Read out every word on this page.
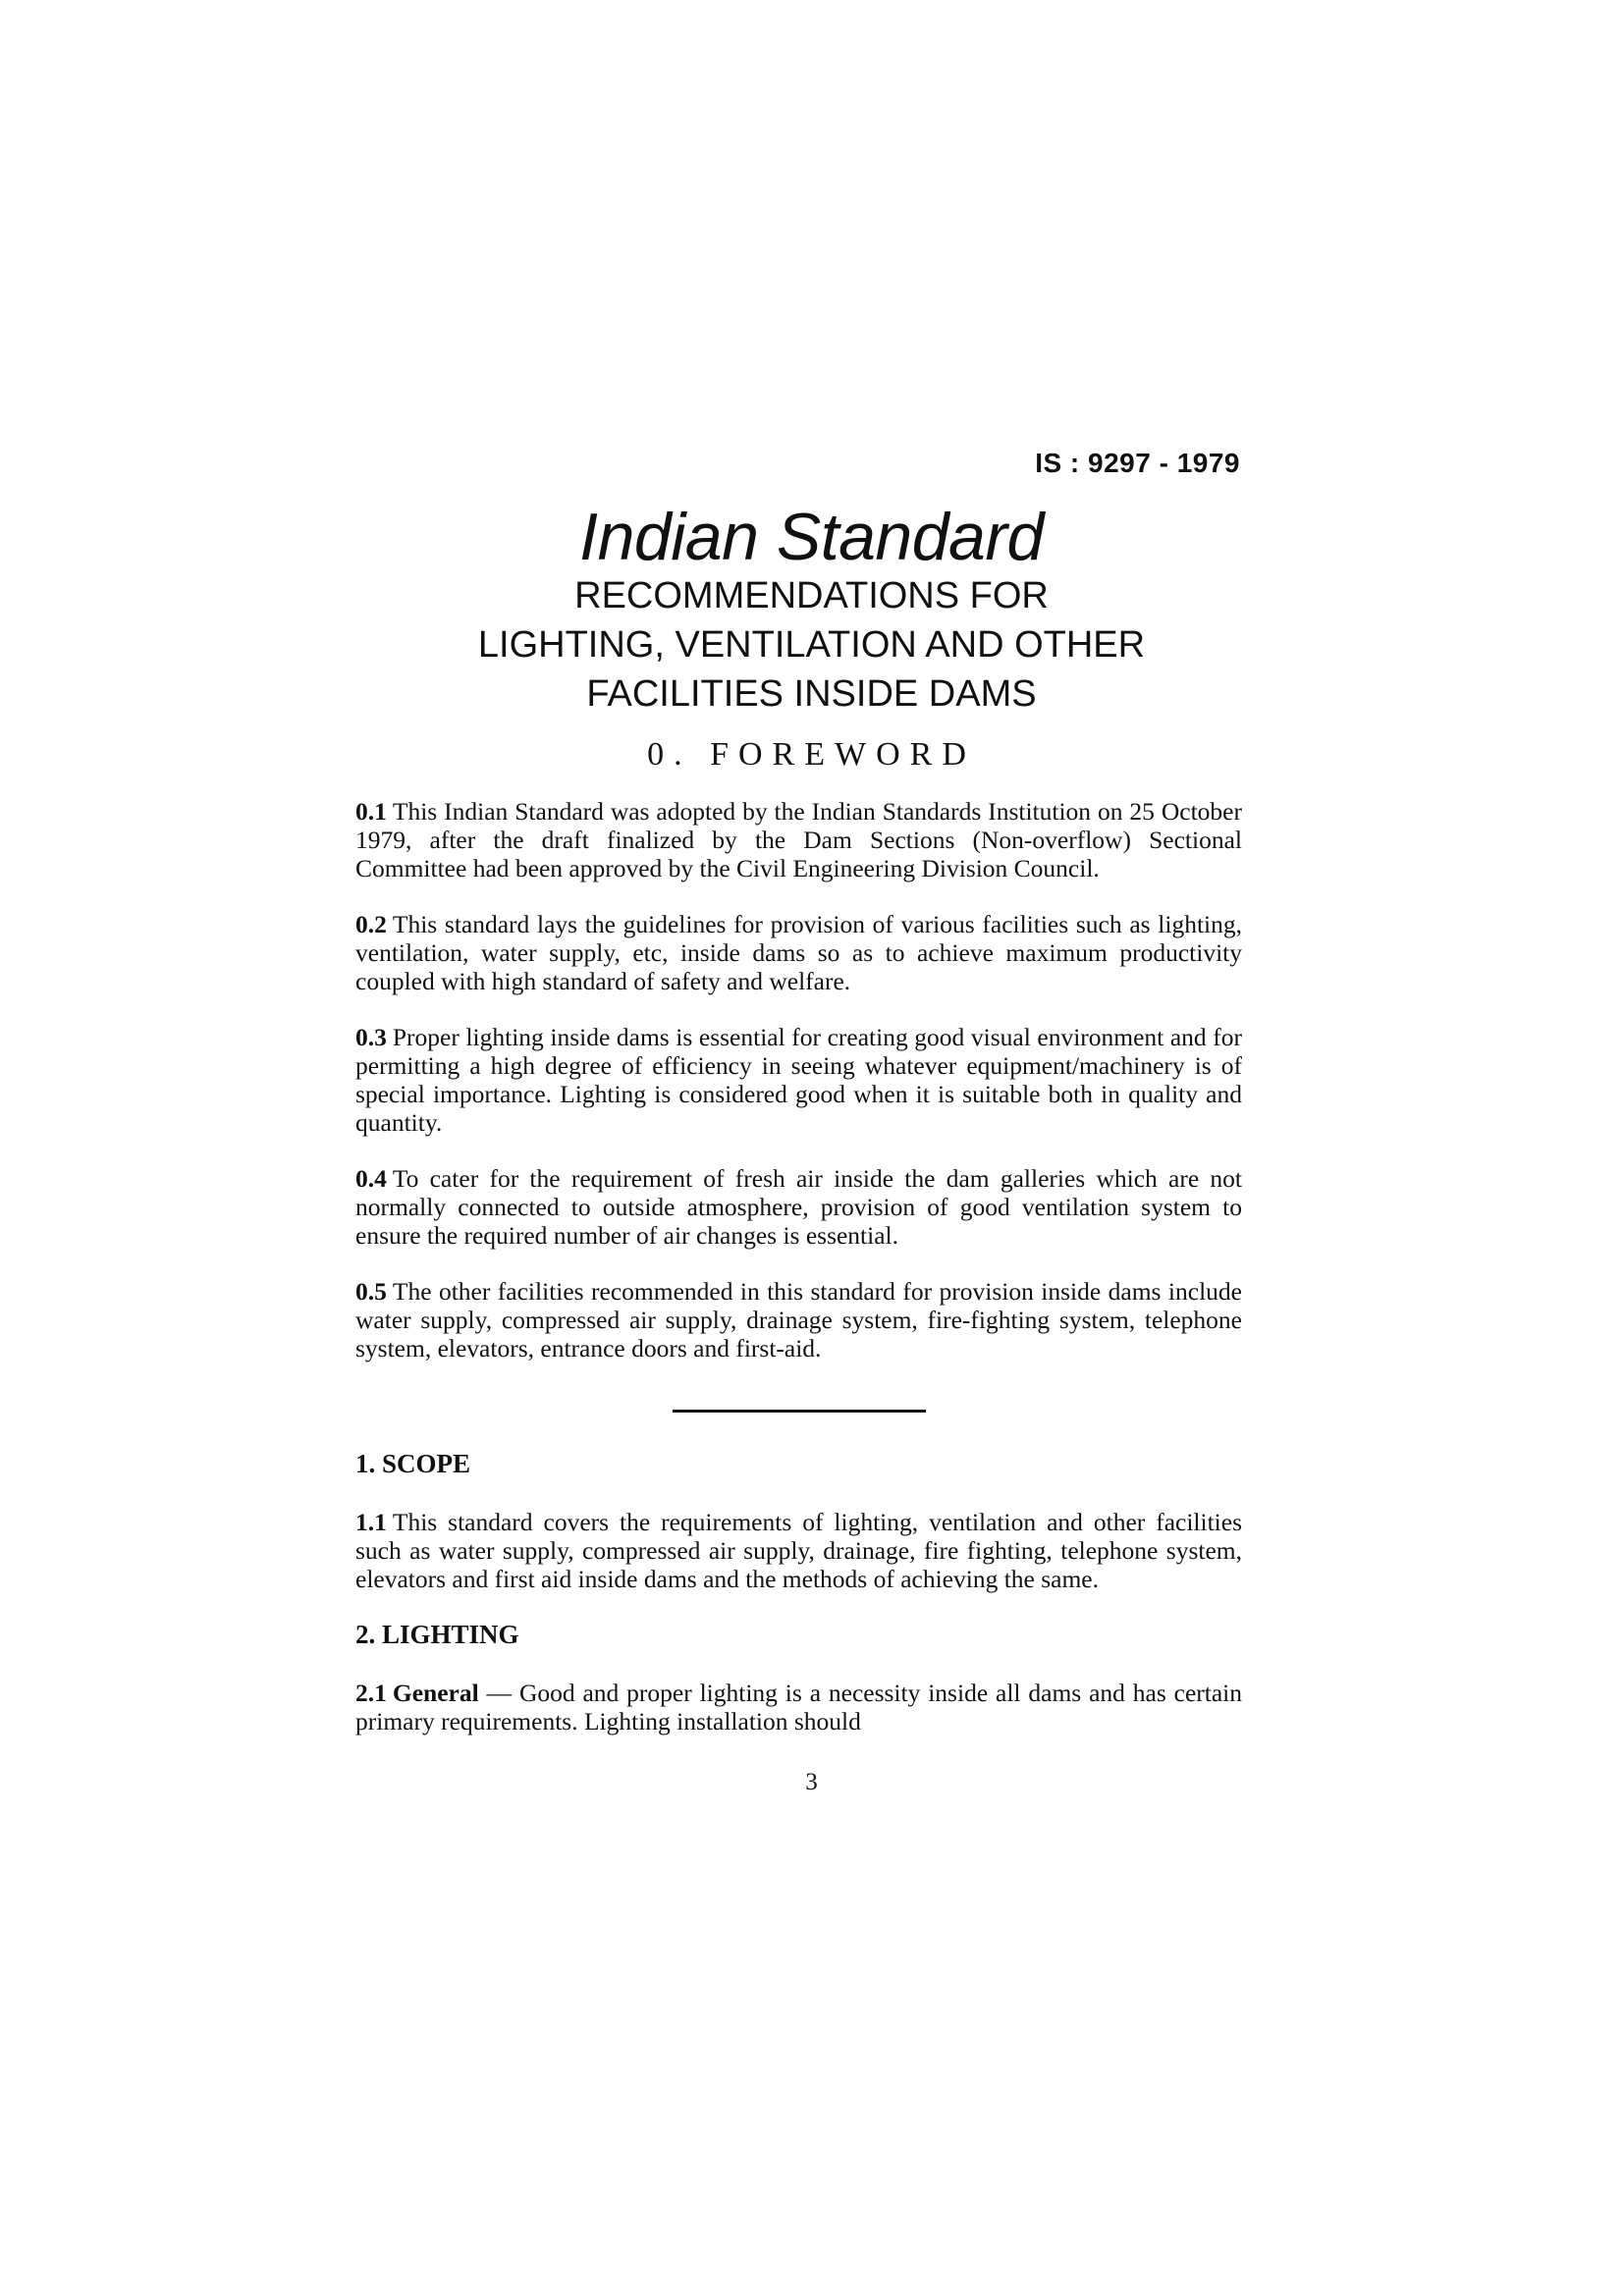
IS : 9297 - 1979
Indian Standard
RECOMMENDATIONS FOR
LIGHTING, VENTILATION AND OTHER
FACILITIES INSIDE DAMS
0. FOREWORD

0.1 This Indian Standard was adopted by the Indian Standards Institution on 25 October 1979, after the draft finalized by the Dam Sections (Non-overflow) Sectional Committee had been approved by the Civil Engineering Division Council.

0.2 This standard lays the guidelines for provision of various facilities such as lighting, ventilation, water supply, etc, inside dams so as to achieve maximum productivity coupled with high standard of safety and welfare.

0.3 Proper lighting inside dams is essential for creating good visual environment and for permitting a high degree of efficiency in seeing whatever equipment/machinery is of special importance. Lighting is considered good when it is suitable both in quality and quantity.

0.4 To cater for the requirement of fresh air inside the dam galleries which are not normally connected to outside atmosphere, provision of good ventilation system to ensure the required number of air changes is essential.

0.5 The other facilities recommended in this standard for provision inside dams include water supply, compressed air supply, drainage system, fire-fighting system, telephone system, elevators, entrance doors and first-aid.

1. SCOPE

1.1 This standard covers the requirements of lighting, ventilation and other facilities such as water supply, compressed air supply, drainage, fire fighting, telephone system, elevators and first aid inside dams and the methods of achieving the same.

2. LIGHTING

2.1 General — Good and proper lighting is a necessity inside all dams and has certain primary requirements. Lighting installation should

3
